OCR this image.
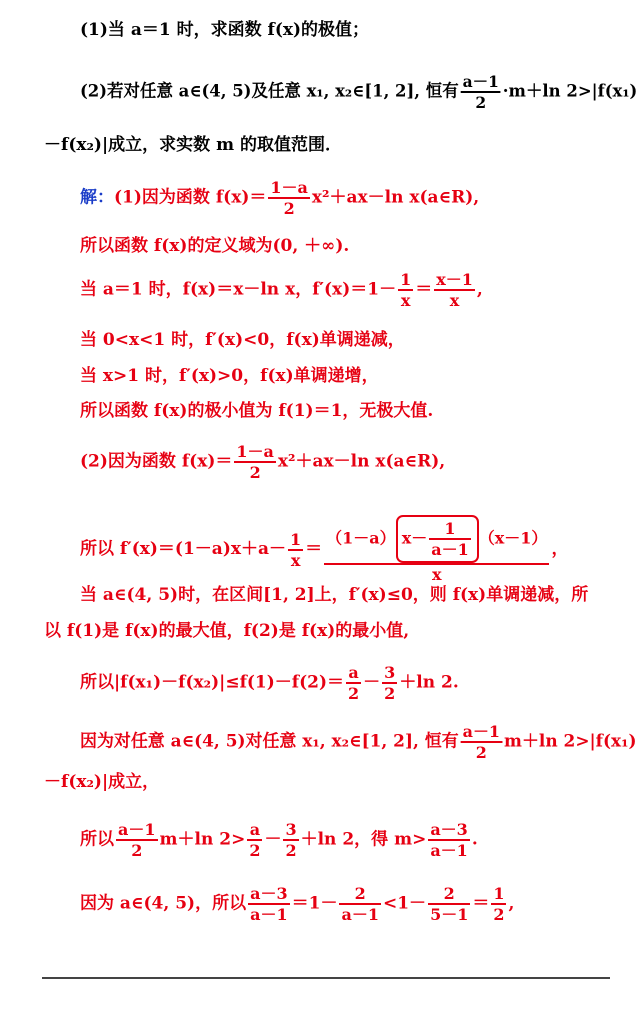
(1)当 a＝1 时，求函数 f(x)的极值；
(2)若对任意 a∈(4, 5)及任意 x₁, x₂∈[1, 2], 恒有 $\frac{a-1}{2} \cdot m+\ln$ 2>|f(x₁)
－f(x₂)|成立，求实数 m 的取值范围．
解：(1)因为函数 $f(x)= \frac{1-a}{2} x^2+ax-\ln$ x(a∈R),
所以函数 f(x)的定义域为(0, ＋∞).
当 a＝1 时，f(x)＝x－ln x，$f'(x)=1- \frac{1}{x} = \frac{x-1}{x}$ ,
当 0<x<1 时，f′(x)<0，f(x)单调递减，
当 x>1 时，f′(x)>0，f(x)单调递增，
所以函数 f(x)的极小值为 f(1)＝1，无极大值.
(2)因为函数 $f(x)= \frac{1-a}{2} x^2+ax-\ln$ x(a∈R),
所以 $f'(x)=(1-a)x+a- \frac{1}{x} = \frac{(1-a) x- \frac{1}{a-1} (x-1)}{x}$ ，
当 a∈(4, 5)时，在区间[1, 2]上，f′(x)≤0，则 f(x)单调递减，所
以 f(1)是 f(x)的最大值，f(2)是 f(x)的最小值,
所以$|f(x_1)-f(x_2)|\le f(1)-f(2)= \frac{a}{2} - \frac{3}{2} +\ln$ 2.
因为对任意 a∈(4, 5)对任意 x₁, x₂∈[1, 2], 恒有 $\frac{a-1}{2} m+\ln$ 2>|f(x₁)
－f(x₂)|成立，
所以 $\frac{a-1}{2} m+\ln$ $2> \frac{a}{2} - \frac{3}{2} +\ln$ 2，得 $m> \frac{a-3}{a-1}$ .
因为 a∈(4, 5)，所以 $\frac{a-3}{a-1} =1- \frac{2}{a-1} <1- \frac{2}{5-1} = \frac{1}{2}$ ,
